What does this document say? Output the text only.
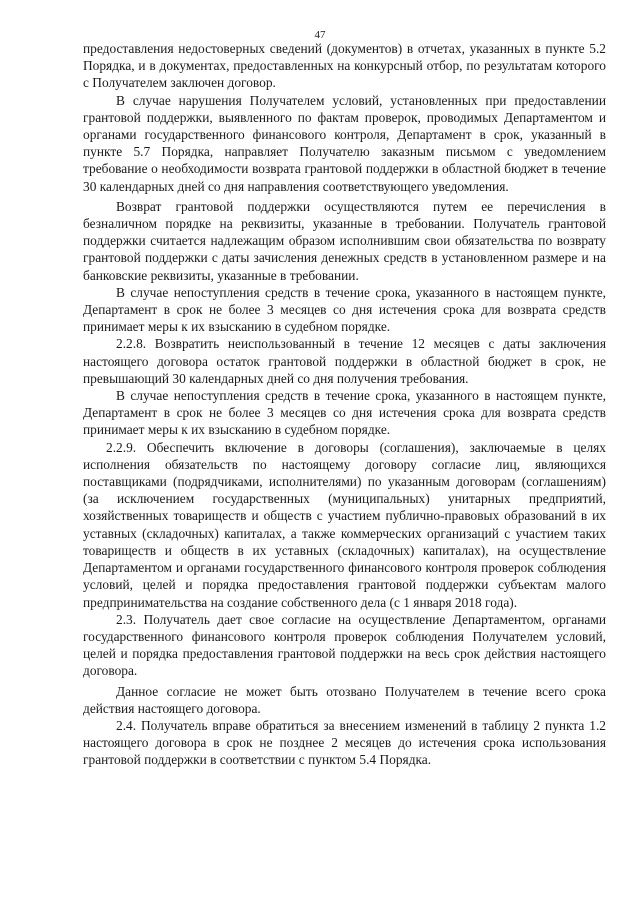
47

предоставления недостоверных сведений (документов) в отчетах, указанных в пункте 5.2 Порядка, и в документах, предоставленных на конкурсный отбор, по результатам которого с Получателем заключен договор.

В случае нарушения Получателем условий, установленных при предоставлении грантовой поддержки, выявленного по фактам проверок, проводимых Департаментом и органами государственного финансового контроля, Департамент в срок, указанный в пункте 5.7 Порядка, направляет Получателю заказным письмом с уведомлением требование о необходимости возврата грантовой поддержки в областной бюджет в течение 30 календарных дней со дня направления соответствующего уведомления.

Возврат грантовой поддержки осуществляются путем ее перечисления в безналичном порядке на реквизиты, указанные в требовании. Получатель грантовой поддержки считается надлежащим образом исполнившим свои обязательства по возврату грантовой поддержки с даты зачисления денежных средств в установленном размере и на банковские реквизиты, указанные в требовании.

В случае непоступления средств в течение срока, указанного в настоящем пункте, Департамент в срок не более 3 месяцев со дня истечения срока для возврата средств принимает меры к их взысканию в судебном порядке.

2.2.8. Возвратить неиспользованный в течение 12 месяцев с даты заключения настоящего договора остаток грантовой поддержки в областной бюджет в срок, не превышающий 30 календарных дней со дня получения требования.

В случае непоступления средств в течение срока, указанного в настоящем пункте, Департамент в срок не более 3 месяцев со дня истечения срока для возврата средств принимает меры к их взысканию в судебном порядке.

2.2.9. Обеспечить включение в договоры (соглашения), заключаемые в целях исполнения обязательств по настоящему договору согласие лиц, являющихся поставщиками (подрядчиками, исполнителями) по указанным договорам (соглашениям) (за исключением государственных (муниципальных) унитарных предприятий, хозяйственных товариществ и обществ с участием публично-правовых образований в их уставных (складочных) капиталах, а также коммерческих организаций с участием таких товариществ и обществ в их уставных (складочных) капиталах), на осуществление Департаментом и органами государственного финансового контроля проверок соблюдения условий, целей и порядка предоставления грантовой поддержки субъектам малого предпринимательства на создание собственного дела (с 1 января 2018 года).

2.3. Получатель дает свое согласие на осуществление Департаментом, органами государственного финансового контроля проверок соблюдения Получателем условий, целей и порядка предоставления грантовой поддержки на весь срок действия настоящего договора.

Данное согласие не может быть отозвано Получателем в течение всего срока действия настоящего договора.

2.4. Получатель вправе обратиться за внесением изменений в таблицу 2 пункта 1.2 настоящего договора в срок не позднее 2 месяцев до истечения срока использования грантовой поддержки в соответствии с пунктом 5.4 Порядка.
